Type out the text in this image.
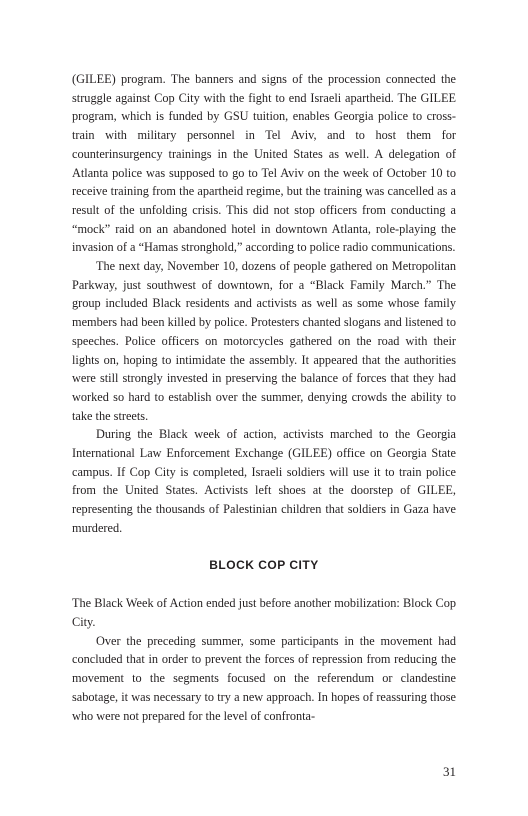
(GILEE) program. The banners and signs of the procession connected the struggle against Cop City with the fight to end Israeli apartheid. The GILEE program, which is funded by GSU tuition, enables Georgia police to cross-train with military personnel in Tel Aviv, and to host them for counterinsurgency trainings in the United States as well. A delegation of Atlanta police was supposed to go to Tel Aviv on the week of October 10 to receive training from the apartheid regime, but the training was cancelled as a result of the unfolding crisis. This did not stop officers from conducting a “mock” raid on an abandoned hotel in downtown Atlanta, role-playing the invasion of a “Hamas stronghold,” according to police radio communications.

The next day, November 10, dozens of people gathered on Metropolitan Parkway, just southwest of downtown, for a “Black Family March.” The group included Black residents and activists as well as some whose family members had been killed by police. Protesters chanted slogans and listened to speeches. Police officers on motorcycles gathered on the road with their lights on, hoping to intimidate the assembly. It appeared that the authorities were still strongly invested in preserving the balance of forces that they had worked so hard to establish over the summer, denying crowds the ability to take the streets.

During the Black week of action, activists marched to the Georgia International Law Enforcement Exchange (GILEE) office on Georgia State campus. If Cop City is completed, Israeli soldiers will use it to train police from the United States. Activists left shoes at the doorstep of GILEE, representing the thousands of Palestinian children that soldiers in Gaza have murdered.

BLOCK COP CITY

The Black Week of Action ended just before another mobilization: Block Cop City.

Over the preceding summer, some participants in the movement had concluded that in order to prevent the forces of repression from reducing the movement to the segments focused on the referendum or clandestine sabotage, it was necessary to try a new approach. In hopes of reassuring those who were not prepared for the level of confronta-

31
